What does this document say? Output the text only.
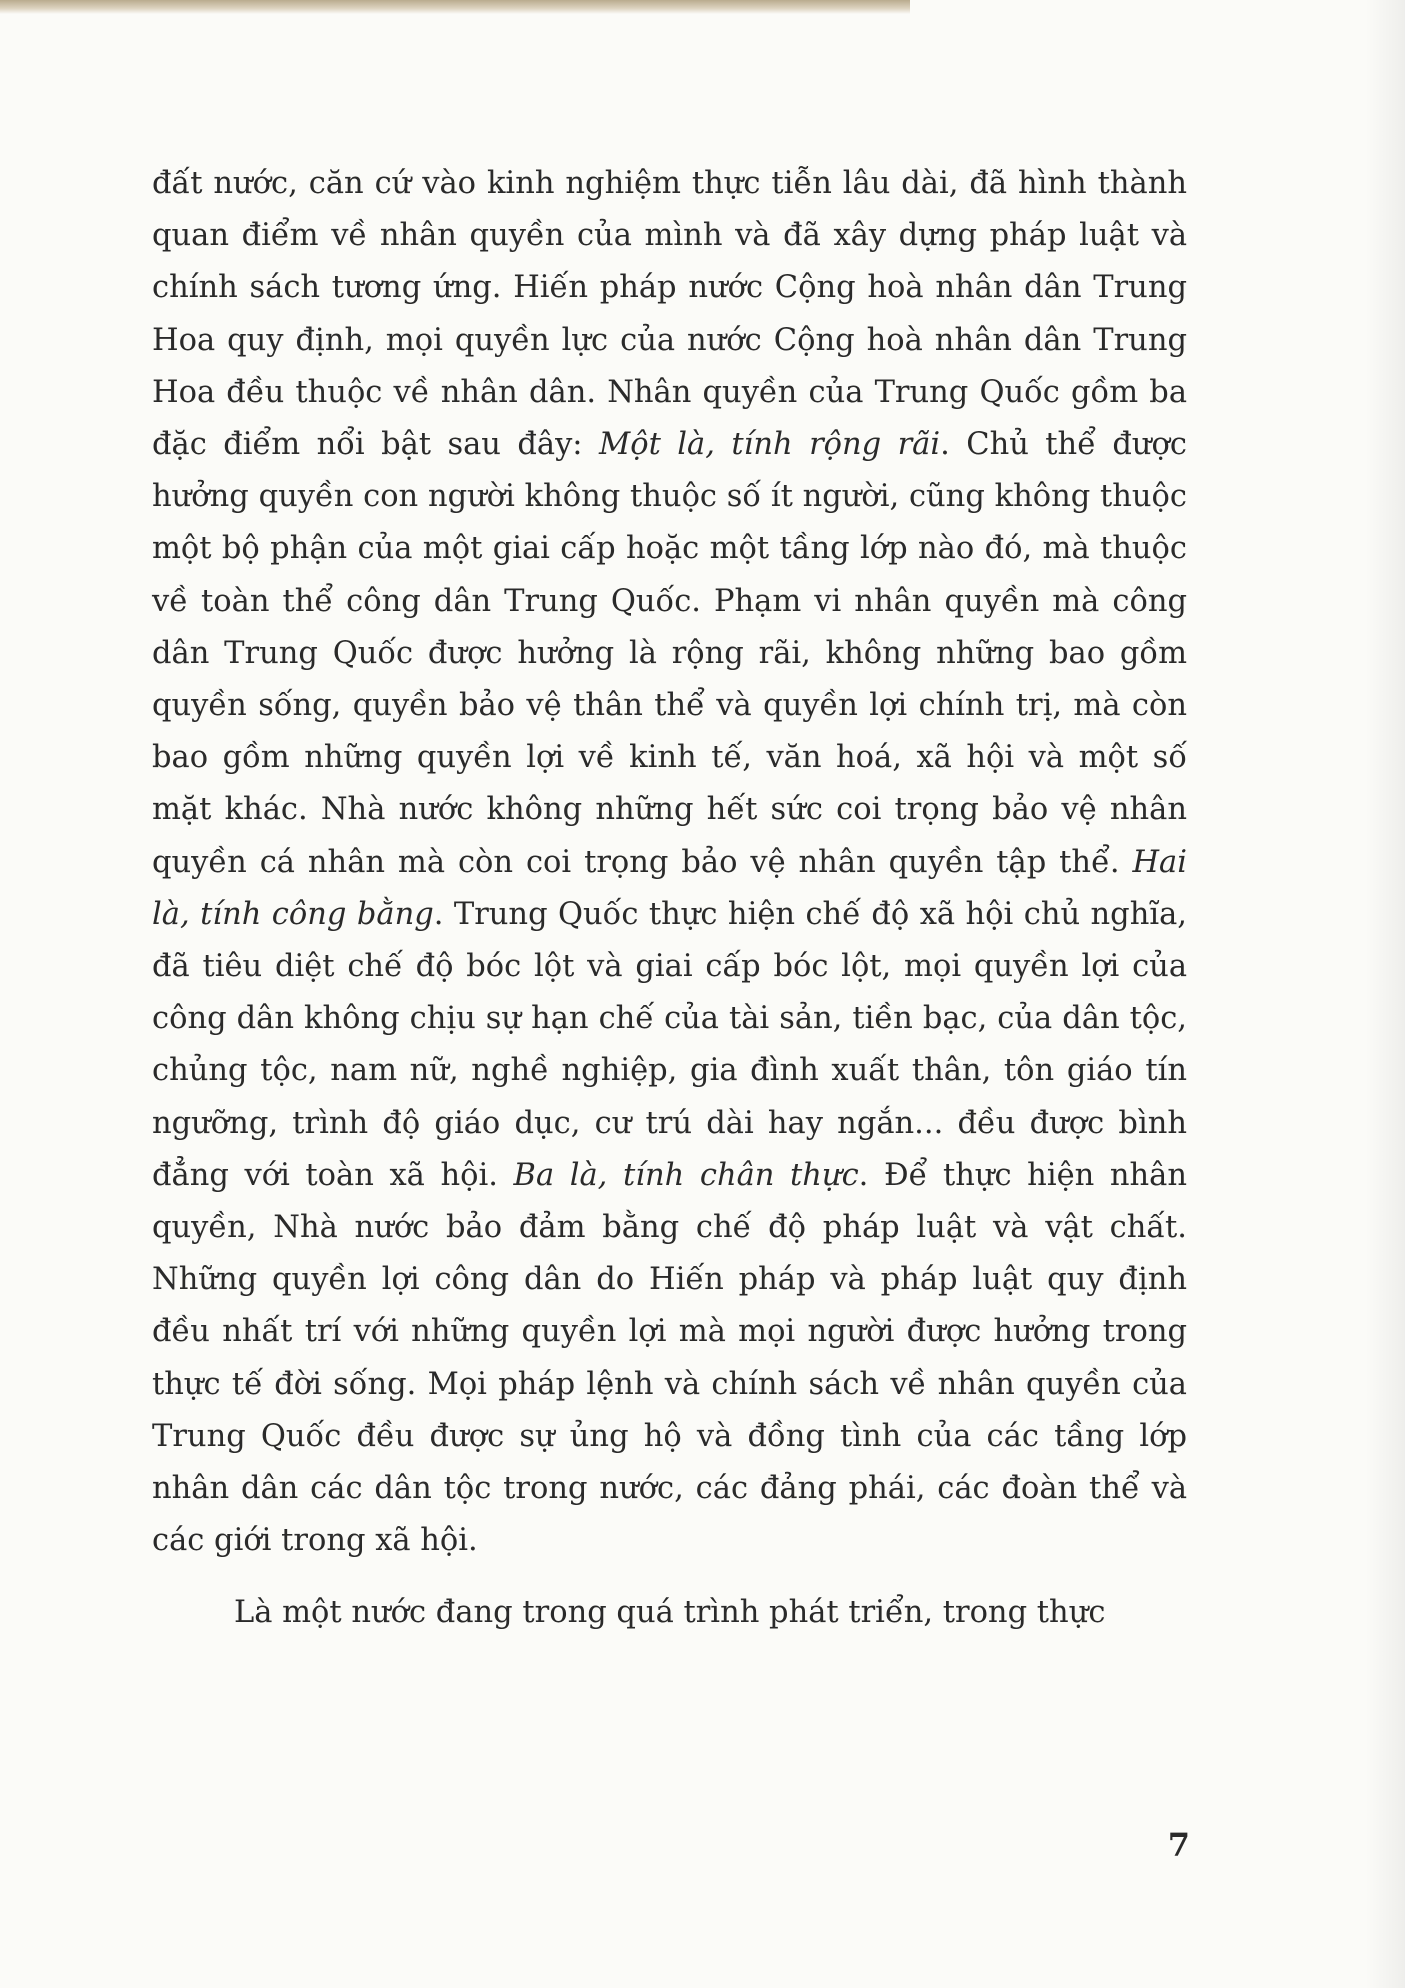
đất nước, căn cứ vào kinh nghiệm thực tiễn lâu dài, đã hình thành quan điểm về nhân quyền của mình và đã xây dựng pháp luật và chính sách tương ứng. Hiến pháp nước Cộng hoà nhân dân Trung Hoa quy định, mọi quyền lực của nước Cộng hoà nhân dân Trung Hoa đều thuộc về nhân dân. Nhân quyền của Trung Quốc gồm ba đặc điểm nổi bật sau đây: Một là, tính rộng rãi. Chủ thể được hưởng quyền con người không thuộc số ít người, cũng không thuộc một bộ phận của một giai cấp hoặc một tầng lớp nào đó, mà thuộc về toàn thể công dân Trung Quốc. Phạm vi nhân quyền mà công dân Trung Quốc được hưởng là rộng rãi, không những bao gồm quyền sống, quyền bảo vệ thân thể và quyền lợi chính trị, mà còn bao gồm những quyền lợi về kinh tế, văn hoá, xã hội và một số mặt khác. Nhà nước không những hết sức coi trọng bảo vệ nhân quyền cá nhân mà còn coi trọng bảo vệ nhân quyền tập thể. Hai là, tính công bằng. Trung Quốc thực hiện chế độ xã hội chủ nghĩa, đã tiêu diệt chế độ bóc lột và giai cấp bóc lột, mọi quyền lợi của công dân không chịu sự hạn chế của tài sản, tiền bạc, của dân tộc, chủng tộc, nam nữ, nghề nghiệp, gia đình xuất thân, tôn giáo tín ngưỡng, trình độ giáo dục, cư trú dài hay ngắn... đều được bình đẳng với toàn xã hội. Ba là, tính chân thực. Để thực hiện nhân quyền, Nhà nước bảo đảm bằng chế độ pháp luật và vật chất. Những quyền lợi công dân do Hiến pháp và pháp luật quy định đều nhất trí với những quyền lợi mà mọi người được hưởng trong thực tế đời sống. Mọi pháp lệnh và chính sách về nhân quyền của Trung Quốc đều được sự ủng hộ và đồng tình của các tầng lớp nhân dân các dân tộc trong nước, các đảng phái, các đoàn thể và các giới trong xã hội.

Là một nước đang trong quá trình phát triển, trong thực

7
